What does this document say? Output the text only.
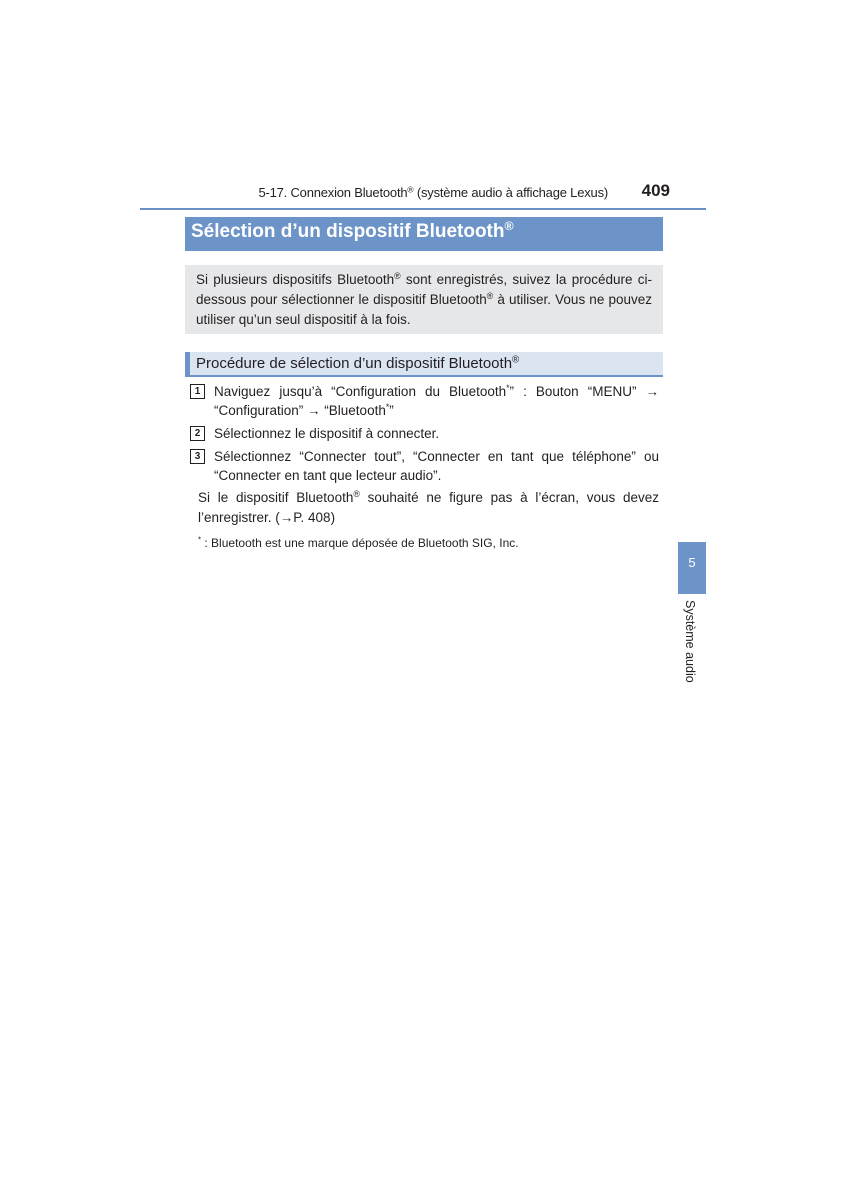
5-17. Connexion Bluetooth® (système audio à affichage Lexus) 409
Sélection d’un dispositif Bluetooth®
Si plusieurs dispositifs Bluetooth® sont enregistrés, suivez la procédure ci-dessous pour sélectionner le dispositif Bluetooth® à utiliser. Vous ne pouvez utiliser qu’un seul dispositif à la fois.
Procédure de sélection d’un dispositif Bluetooth®
1	Naviguez jusqu’à “Configuration du Bluetooth*” : Bouton “MENU” → “Configuration” → “Bluetooth*”
2	Sélectionnez le dispositif à connecter.
3	Sélectionnez “Connecter tout”, “Connecter en tant que téléphone” ou “Connecter en tant que lecteur audio”.
Si le dispositif Bluetooth® souhaité ne figure pas à l’écran, vous devez l’enregistrer. (→P. 408)
* : Bluetooth est une marque déposée de Bluetooth SIG, Inc.
5
Système audio
